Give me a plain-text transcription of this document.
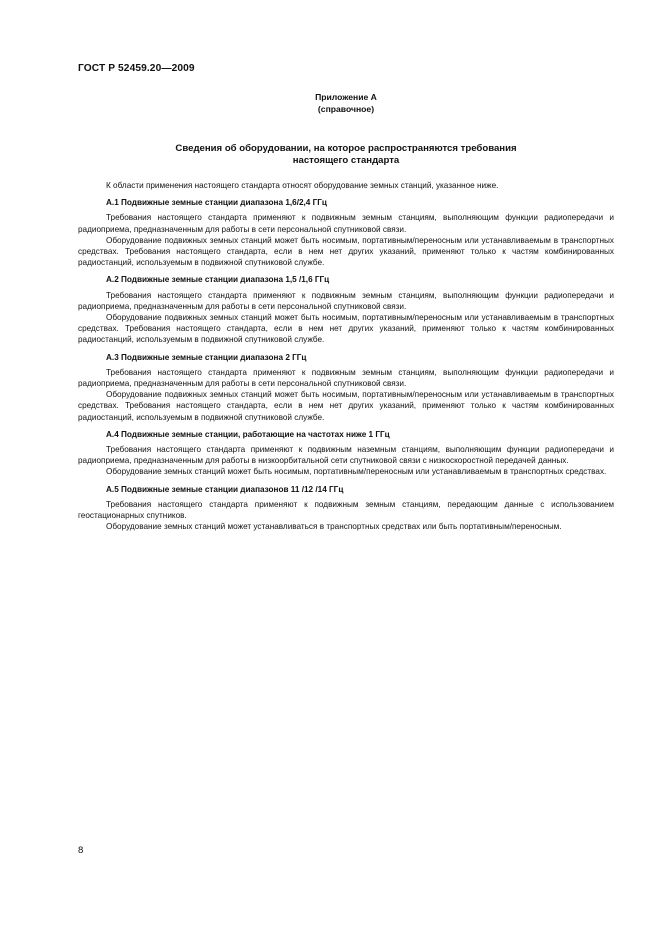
ГОСТ Р 52459.20—2009
Приложение А
(справочное)
Сведения об оборудовании, на которое распространяются требования
настоящего стандарта

К области применения настоящего стандарта относят оборудование земных станций, указанное ниже.

А.1 Подвижные земные станции диапазона 1,6/2,4 ГГц

Требования настоящего стандарта применяют к подвижным земным станциям, выполняющим функции радиопередачи и радиоприема, предназначенным для работы в сети персональной спутниковой связи.

Оборудование подвижных земных станций может быть носимым, портативным/переносным или устанавливаемым в транспортных средствах. Требования настоящего стандарта, если в нем нет других указаний, применяют только к частям комбинированных радиостанций, используемым в подвижной спутниковой службе.

А.2 Подвижные земные станции диапазона 1,5 /1,6 ГГц

Требования настоящего стандарта применяют к подвижным земным станциям, выполняющим функции радиопередачи и радиоприема, предназначенным для работы в сети персональной спутниковой связи.

Оборудование подвижных земных станций может быть носимым, портативным/переносным или устанавливаемым в транспортных средствах. Требования настоящего стандарта, если в нем нет других указаний, применяют только к частям комбинированных радиостанций, используемым в подвижной спутниковой службе.

А.3 Подвижные земные станции диапазона 2 ГГц

Требования настоящего стандарта применяют к подвижным земным станциям, выполняющим функции радиопередачи и радиоприема, предназначенным для работы в сети персональной спутниковой связи.

Оборудование подвижных земных станций может быть носимым, портативным/переносным или устанавливаемым в транспортных средствах. Требования настоящего стандарта, если в нем нет других указаний, применяют только к частям комбинированных радиостанций, используемым в подвижной спутниковой службе.

А.4 Подвижные земные станции, работающие на частотах ниже 1 ГГц

Требования настоящего стандарта применяют к подвижным наземным станциям, выполняющим функции радиопередачи и радиоприема, предназначенным для работы в низкоорбитальной сети спутниковой связи с низкоскоростной передачей данных.

Оборудование земных станций может быть носимым, портативным/переносным или устанавливаемым в транспортных средствах.

А.5 Подвижные земные станции диапазонов 11 /12 /14 ГГц

Требования настоящего стандарта применяют к подвижным земным станциям, передающим данные с использованием геостационарных спутников.

Оборудование земных станций может устанавливаться в транспортных средствах или быть портативным/переносным.

8
